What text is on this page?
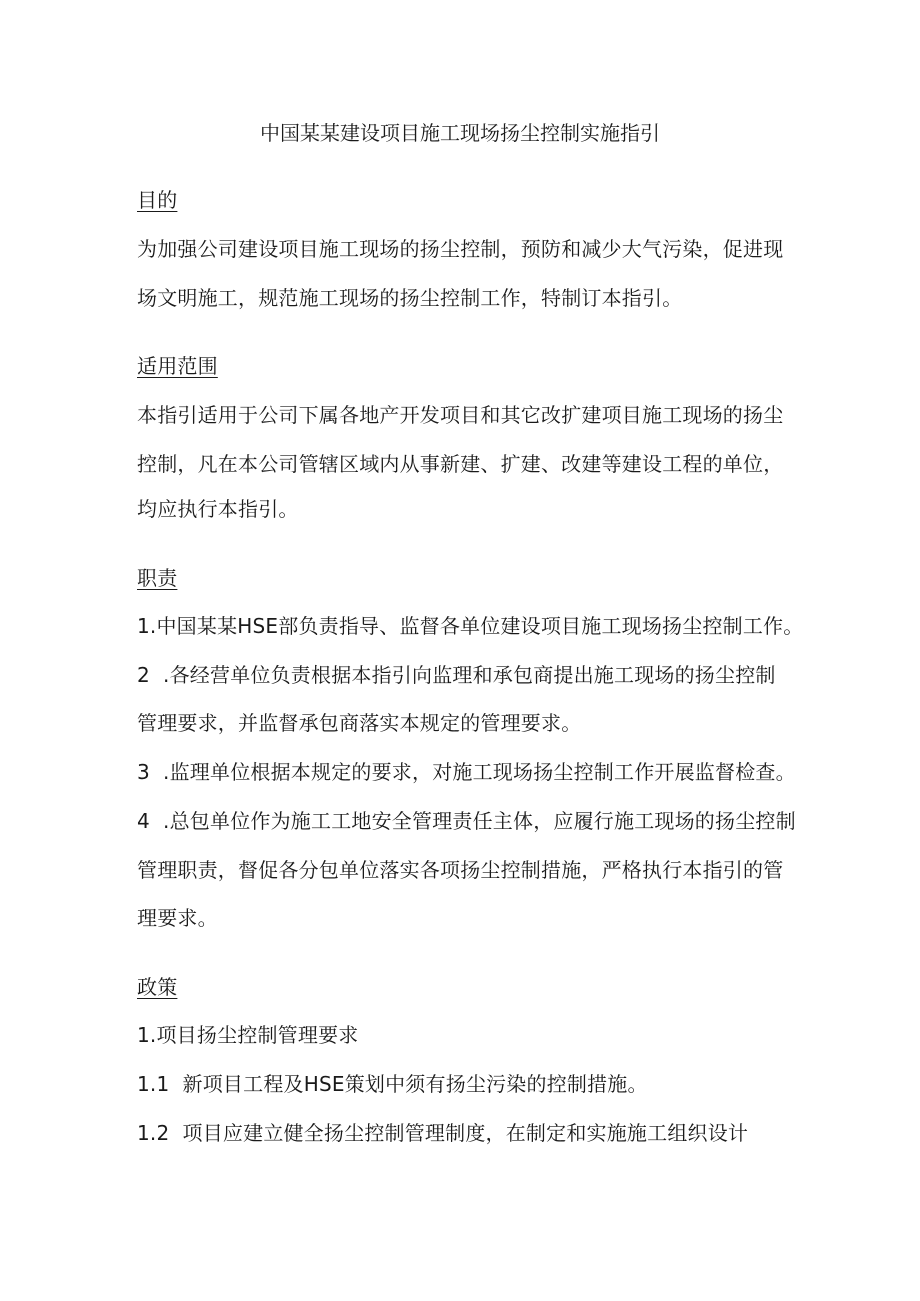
中国某某建设项目施工现场扬尘控制实施指引

目的

为加强公司建设项目施工现场的扬尘控制，预防和减少大气污染，促进现

场文明施工，规范施工现场的扬尘控制工作，特制订本指引。

适用范围

本指引适用于公司下属各地产开发项目和其它改扩建项目施工现场的扬尘

控制，凡在本公司管辖区域内从事新建、扩建、改建等建设工程的单位，

均应执行本指引。

职责

1.中国某某HSE部负责指导、监督各单位建设项目施工现场扬尘控制工作。

2  .各经营单位负责根据本指引向监理和承包商提出施工现场的扬尘控制

管理要求，并监督承包商落实本规定的管理要求。

3  .监理单位根据本规定的要求，对施工现场扬尘控制工作开展监督检查。

4  .总包单位作为施工工地安全管理责任主体，应履行施工现场的扬尘控制

管理职责，督促各分包单位落实各项扬尘控制措施，严格执行本指引的管

理要求。

政策

1.项目扬尘控制管理要求

1.1  新项目工程及HSE策划中须有扬尘污染的控制措施。

1.2  项目应建立健全扬尘控制管理制度，在制定和实施施工组织设计
